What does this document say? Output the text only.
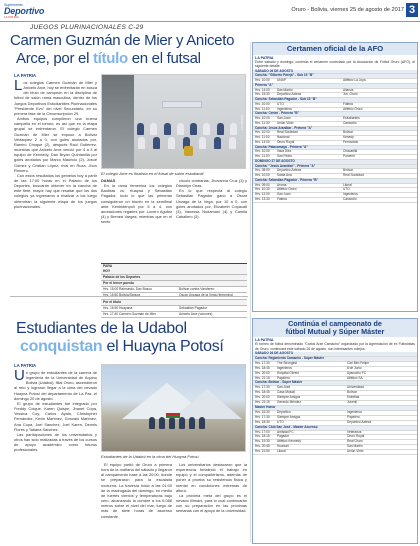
Suplemento
Deportivo
LA PATRIA
Oruro - Bolivia, viernes 25 de agosto de 2017 3
JUEGOS PLURINACIONALES C-29
Carmen Guzmán de Mier y Aniceto
Arce, por el título en el futsal
LA PATRIA

Los colegios Carmen Guzmán de Mier y Aniceto Arce, hoy se enfrentarán en busca del título de campeón en la disciplina de futbol de salón rama masculina, dentro de los Juegos Deportivos Estudiantiles Plurinacionales "Presidente Evo" del nivel Secundario, en su primera fase de la Circunscripción 29.

Ambos equipos cumplieron una buena campaña en el torneo, es así que en la etapa grupal se enfrentaron. El colegio Carmen Guzmán de Mier se impuso a Bolívar Velásquez 2 a 0, con goles anotados por, Ramiró Choque (2), después Raúl Gutiérrez, muestras que Aniceto Arce venció por 4 a 3 al equipo de Kennedy, Dan Bryan Quintanilla por goles anotados por Marco Mauricio (2), Josué Gómez y Cristian López, rival en Ruza, Jhon Romero.

Con estos resultados los gemelos hoy a partir de las 17:00 horas en el Palacio de los Deportes, buscarán obtener en la cancha de este flete, mayor hay que resaltar que los dos colegios ya ingresaron a rivalizar a los luego obtendrán la siguiente etapa de los juegos plurinacionales.

LA PATRIA
El colegio Arce es finalista en el futsal de salón estudiantil
DAMAS

En la rama femenina los colegios Bautista vs. Huayna y Sebastián Pagador, todo lo que las primeras consiguieron un triunfo en la semifinal ante Kenbidenpoll por 5 a 4, con anotaciones regarles por: Lucero Aguilar (4) y Brenea Vargas, mientras que en el sexto

circulo contrarias, Jhovanna Cruz (3) y Dianelyn Ceas.

En lo que respecta al colegio Sebastián Pagador ganó a Oscar Unzaga de la Vega, por 10 a 0, con goles anotados por, Elizabeth Copacati (3), Vanessa Nodamani (4) y Camila Caballero (3).

PARA HOY
Palacio de los Deportes
Por el tercer puesto
Hrs. 15:00 Raimundo, Dav Bosco	Bolívar contra Vandereo
Por el título
Hrs. 16:50 Huayana	Sebastián Pagador
Hrs. 17:40 Carmen Guzmán de Mier	Aniceto Arce (varones)
Estudiantes de la Udabol
conquistan el Huayna Potosí
LA PATRIA

Un grupo de estudiantes de la carrera de Ingeniería de la Universidad de Aquino Bolivia (Udabol), filial Oruro, ascendieron al reto y lograron llegar a la cima del nevado Huayna Potosí del departamento de La Paz, el domingo 20 de agosto.

El grupo de estudiantes fue integrado por Freddy Colque, Karen Quispe, Jhanet Copa, Yessica Coy, Carlos Ayala, Christopher Fernández, Kevin Martínez, Gonzalo Martínez, Ana Copa, Joel Sánchez, Joel Karen, Dennis Flores y Tatiana Sánchez.

Las participaciones de los universitarios y otros han sido realizadas a través de los cursos de apoyo académico como futuros profesionales.

Estudiantes de la Udabol en la cima del Huayna Potosí

El equipo partió de Oruro a primera hora de la mañana del sábado y llegaron al campamento base a las 20:00, donde se prepararon para la escalada nocturna. La travesía inició a las 01:00 de la madrugada del domingo, en medio de fuertes vientos y temperaturas bajo cero, alcanzando la cumbre a los 6.088 metros sobre el nivel del mar, luego de más de siete horas de ascenso constante.

Los universitarios destacaron que la experiencia fortaleció el trabajo en equipo y el compañerismo, además de poner a prueba su resistencia física y mental en condiciones extremas de altura.

La próxima meta del grupo es el nevado Illimani, para lo cual continuarán con su preparación en las próximas semanas con el apoyo de la universidad.

Certamen oficial de la AFO
LA PATRIA
Entre sábado y domingo, continúa el certamen controlado por la Asociación de Fútbol Oruro (AFO), el siguiente detalle:
SÁBADO 26 DE AGOSTO
Cancha: "Gilberto Pareja" - Sub 15 "B"
Hrs. 10:00	UNAP	Atlético La Joya
Primera "A"
Hrs. 14:00	San Martín	Alianza
Hrs. 15:30	Deportivo Azteca	Juv. Oruro
Cancha: Sebastián Pagador - Sub 15 "B"
Hrs. 10:00	UTO	Fátima
Hrs. 11:00	Ingenieros	Atlético Oruro
Cancha: Cenim - Primera "B"
Hrs. 10:00	San Juan	Estudiantes
Hrs. 11:30	Unión Vinto	Caracollo
Cancha: Jesús Aranibar - Primera "A"
Hrs. 10:00	Real Sociedad	Bolívar
Hrs. 11:00	Nacional	Kenedy
Hrs. 14:00	Oruro Royal	Ferroviario
Cancha: Patacamaya - Primera "A"
Hrs. 10:00	Vaca Diez	Chacarilla
Hrs. 11:00	San Pedro	Porvenir
DOMINGO 27 DE AGOSTO
Cancha: "Jesús Aranibar" - Primera "A"
Hrs. 08:00	Deportivo Azteca	Bolívar
Hrs. 10:00	Santa Ana	Real Sociedad
Cancha: Sebastián Pagador - Primera "B"
Hrs. 09:00	Aroma	Litoral
Hrs. 10:30	Atlético Oruro	UTO
Hrs. 12:00	San Juan	Ingenieros
Hrs. 13:30	Fátima	Caracollo
Continúa el campeonato de
fútbol Mutual y Súper Máster
LA PATRIA
El torneo de fútbol denominado "Carlos Arze Camacho" organizado por la Agremiación de ex Futbolistas de Oruro, continuará este sábado 26 de agosto, con interesantes cotejos.
SÁBADO 26 DE AGOSTO
Cancha: Regimiento Camacho - Súper Máster
Hrs. 17:30	The Strongest	Carl Ben Felipe
Hrs. 18:45	Ingenieros	8 de Junio
Hrs. 20:00	Hospital Obrero	Ayacucho FC
Hrs. 21:15	Papelero	Atlético SA
Cancha: Bolívar - Súper Máster
Hrs. 17:30	San José	Universidad
Hrs. 18:45	Casa Mutual	Bolívar
Hrs. 20:00	Siempre Amigos	Estrellas
Hrs. 21:15	Gerardo Méndez	Juvenil
Master Honor
Hrs. 16:30	Deportivo	Ingenieros
Hrs. 17:30	Siempre Amigos	Papelero
Hrs. 18:30	UTO	Deportivo Azteca
Cancha: Club San José - Master Ascenso
Hrs. 17:00	Amistad FC	Veteranos
Hrs. 18:15	Pagador	Oruro Royal
Hrs. 19:30	Atlético Kennedy	Real Oruro
Hrs. 20:45	Huanuni	San Martín
Hrs. 21:50	Litoral	Unión Vinto
